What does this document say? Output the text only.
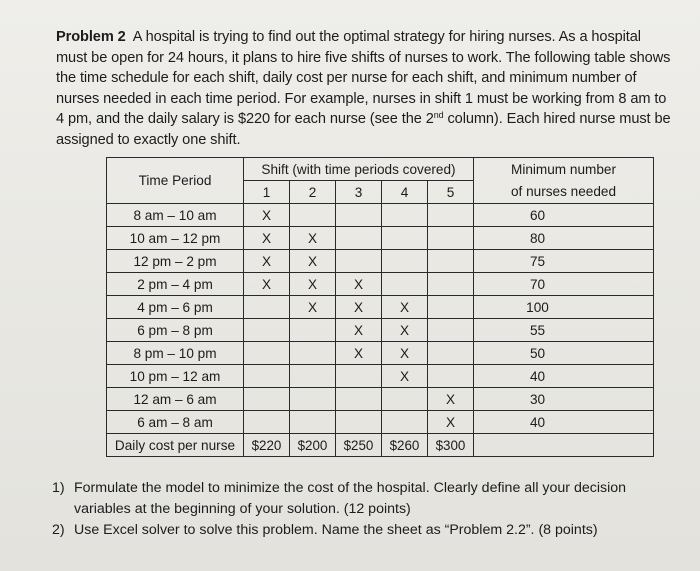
Problem 2 A hospital is trying to find out the optimal strategy for hiring nurses. As a hospital must be open for 24 hours, it plans to hire five shifts of nurses to work. The following table shows the time schedule for each shift, daily cost per nurse for each shift, and minimum number of nurses needed in each time period. For example, nurses in shift 1 must be working from 8 am to 4 pm, and the daily salary is $220 for each nurse (see the 2nd column). Each hired nurse must be assigned to exactly one shift.
Time Period	Shift (with time periods covered)					Minimum number
	1	2	3	4	5	of nurses needed
8 am – 10 am	X					60
10 am – 12 pm	X	X				80
12 pm – 2 pm	X	X				75
2 pm – 4 pm	X	X	X			70
4 pm – 6 pm		X	X	X		100
6 pm – 8 pm			X	X		55
8 pm – 10 pm			X	X		50
10 pm – 12 am				X		40
12 am – 6 am					X	30
6 am – 8 am					X	40
Daily cost per nurse	$220	$200	$250	$260	$300	
1) Formulate the model to minimize the cost of the hospital. Clearly define all your decision variables at the beginning of your solution. (12 points)
2) Use Excel solver to solve this problem. Name the sheet as “Problem 2.2”. (8 points)
